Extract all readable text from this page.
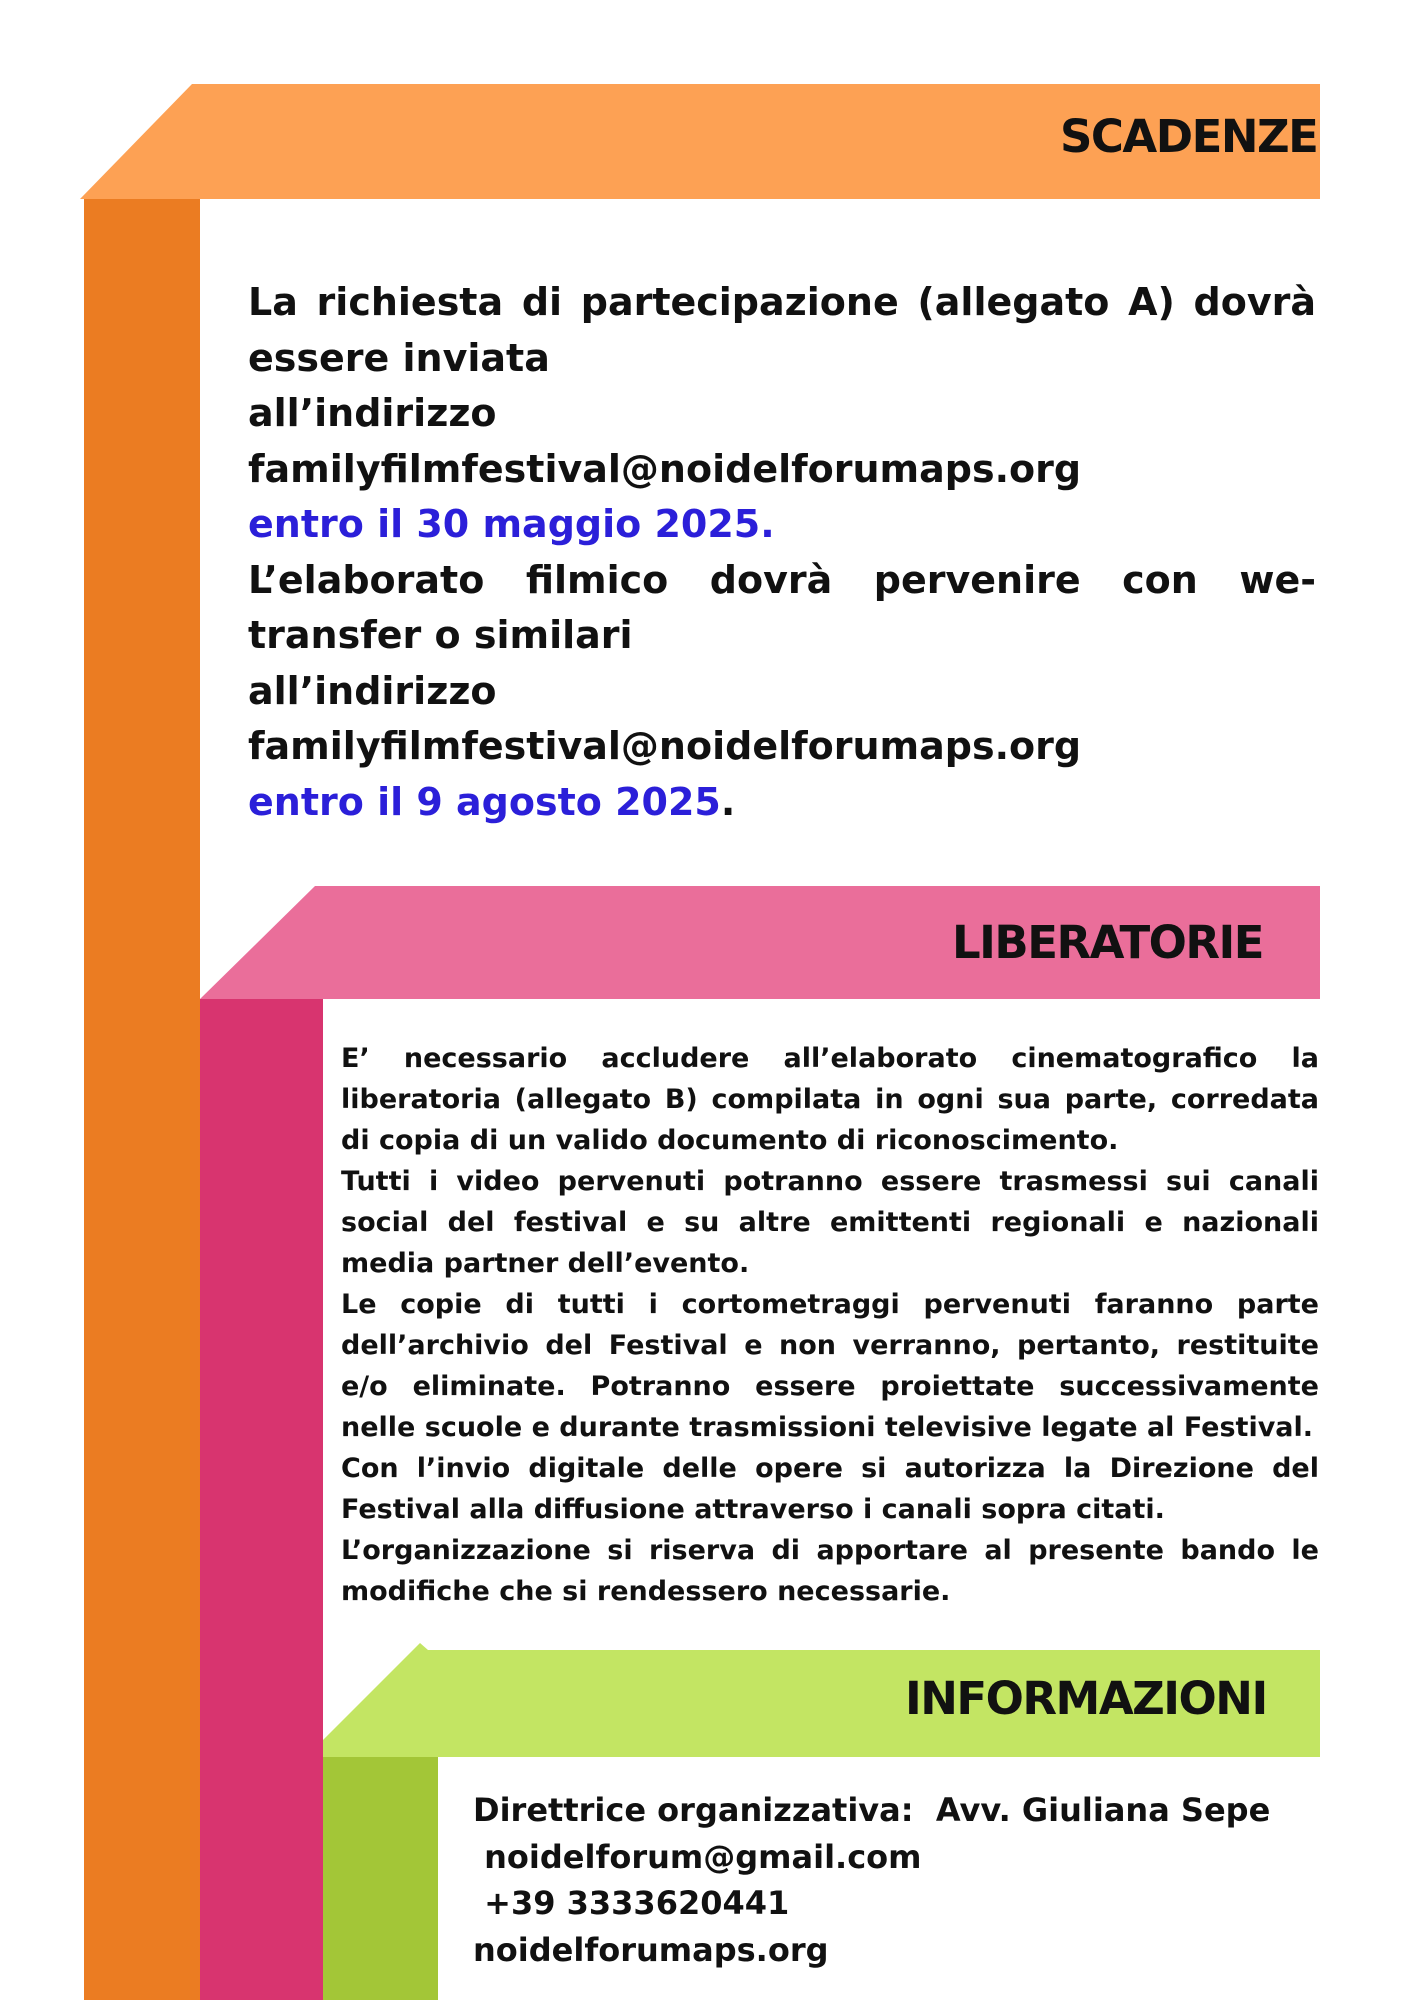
SCADENZE
La richiesta di partecipazione (allegato A) dovrà essere inviata
all’indirizzo
familyfilmfestival@noidelforumaps.org
entro il 30 maggio 2025.
L’elaborato filmico dovrà pervenire con we-transfer o similari
all’indirizzo
familyfilmfestival@noidelforumaps.org
entro il 9 agosto 2025.
LIBERATORIE

E’ necessario accludere all’elaborato cinematografico la liberatoria (allegato B) compilata in ogni sua parte, corredata di copia di un valido documento di riconoscimento.

Tutti i video pervenuti potranno essere trasmessi sui canali social del festival e su altre emittenti regionali e nazionali media partner dell’evento.

Le copie di tutti i cortometraggi pervenuti faranno parte dell’archivio del Festival e non verranno, pertanto, restituite e/o eliminate. Potranno essere proiettate successivamente nelle scuole e durante trasmissioni televisive legate al Festival.

Con l’invio digitale delle opere si autorizza la Direzione del Festival alla diffusione attraverso i canali sopra citati.

L’organizzazione si riserva di apportare al presente bando le modifiche che si rendessero necessarie.

INFORMAZIONI
Direttrice organizzativa:  Avv. Giuliana Sepe
noidelforum@gmail.com
+39 3333620441
noidelforumaps.org
